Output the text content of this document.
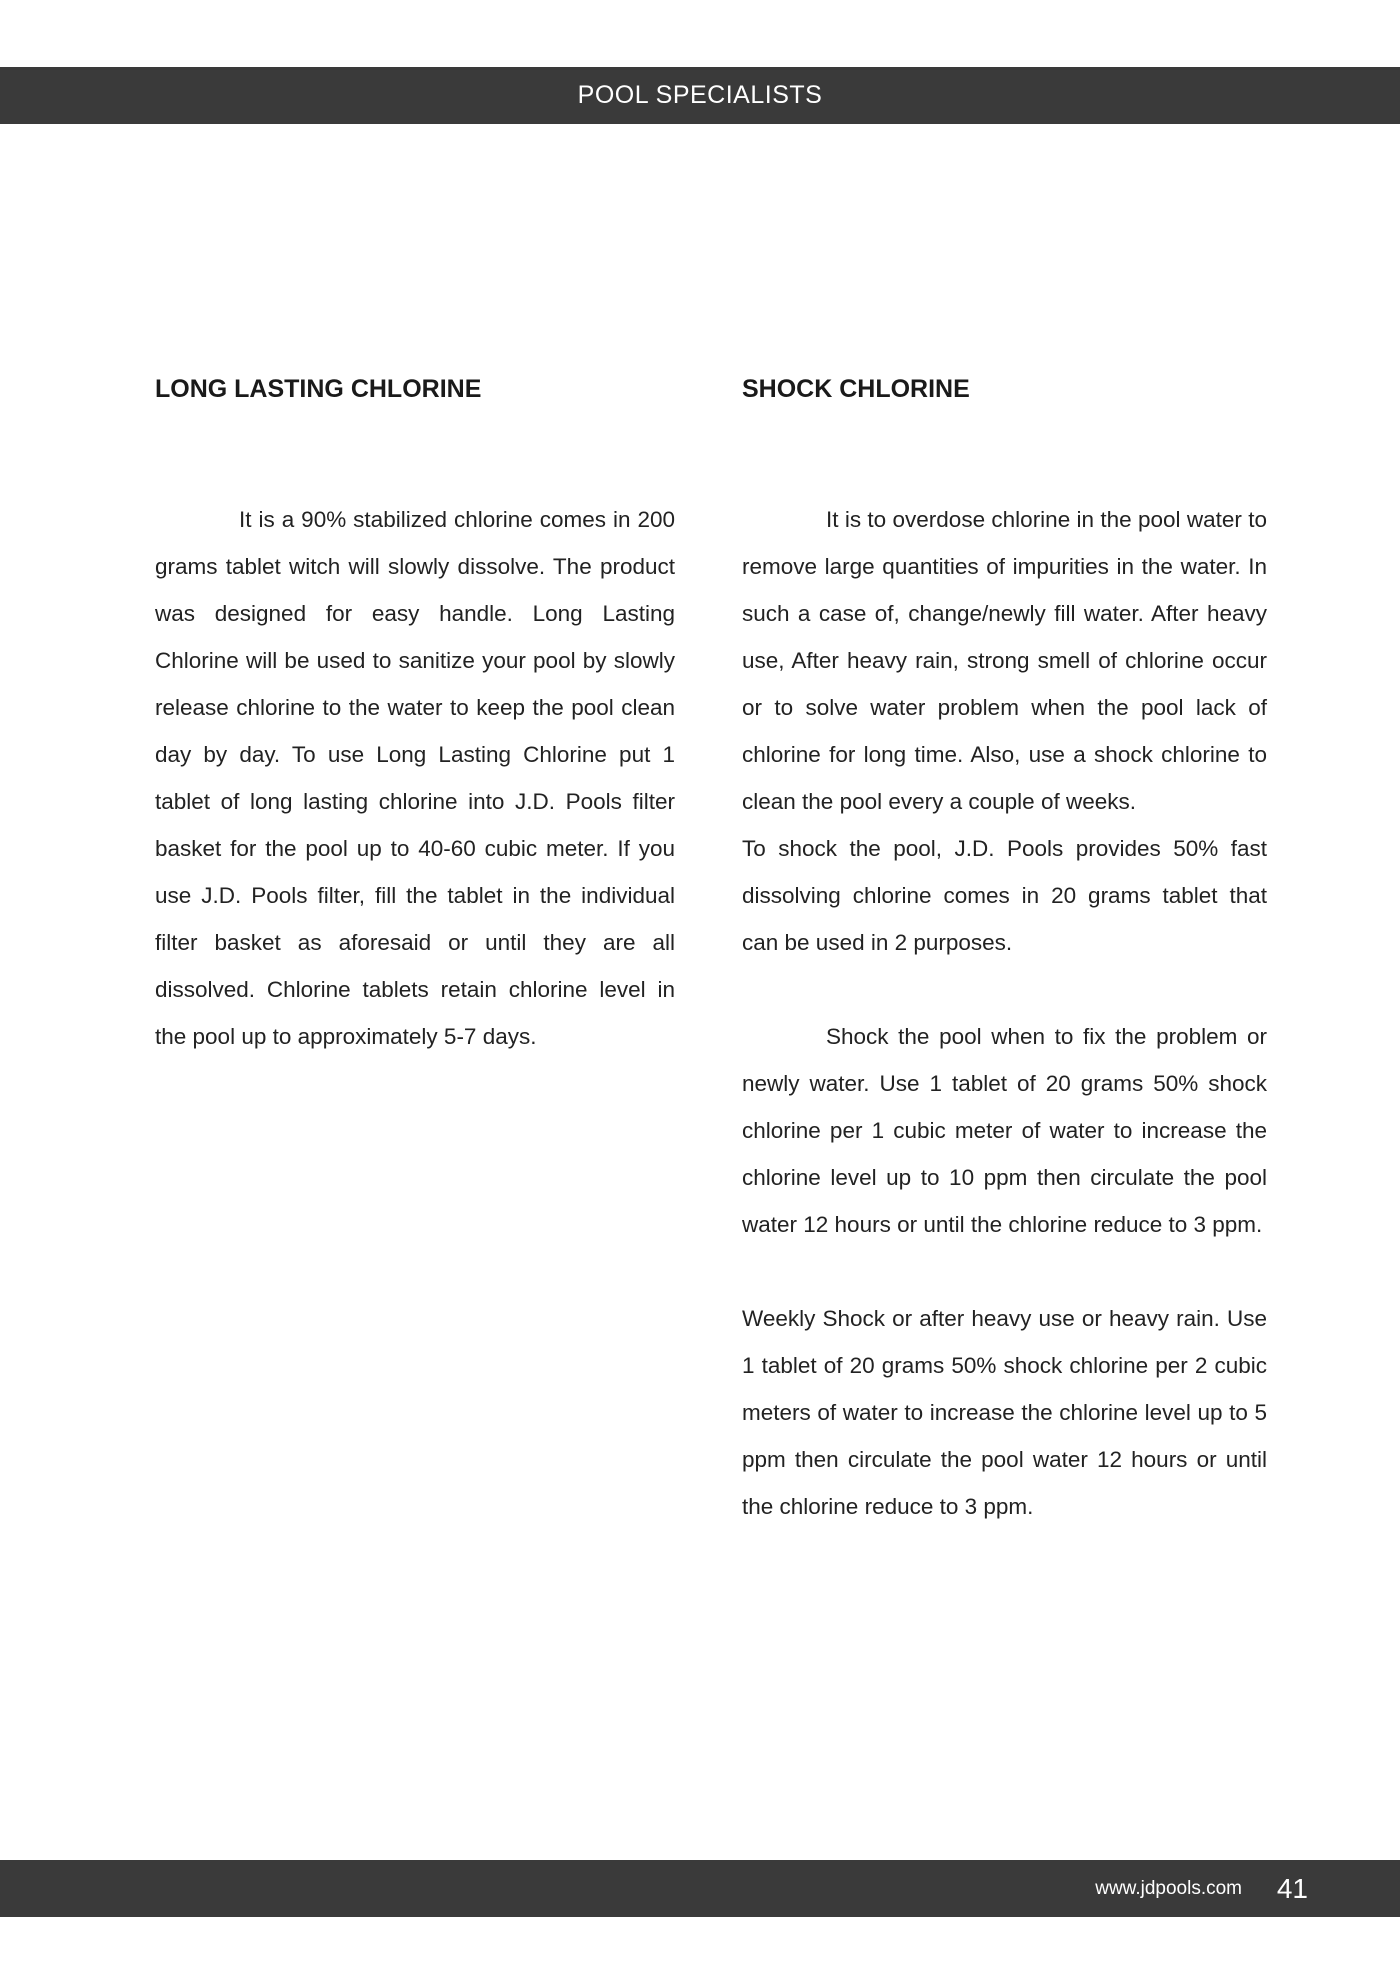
POOL SPECIALISTS
LONG LASTING CHLORINE

It is a 90% stabilized chlorine comes in 200 grams tablet witch will slowly dissolve. The product was designed for easy handle. Long Lasting Chlorine will be used to sanitize your pool by slowly release chlorine to the water to keep the pool clean day by day. To use Long Lasting Chlorine put 1 tablet of long lasting chlorine into J.D. Pools filter basket for the pool up to 40-60 cubic meter. If you use J.D. Pools filter, fill the tablet in the individual filter basket as aforesaid or until they are all dissolved. Chlorine tablets retain chlorine level in the pool up to approximately 5-7 days.

SHOCK CHLORINE

It is to overdose chlorine in the pool water to remove large quantities of impurities in the water. In such a case of, change/newly fill water. After heavy use, After heavy rain, strong smell of chlorine occur or to solve water problem when the pool lack of chlorine for long time. Also, use a shock chlorine to clean the pool every a couple of weeks.

To shock the pool, J.D. Pools provides 50% fast dissolving chlorine comes in 20 grams tablet that can be used in 2 purposes.

Shock the pool when to fix the problem or newly water. Use 1 tablet of 20 grams 50% shock chlorine per 1 cubic meter of water to increase the chlorine level up to 10 ppm then circulate the pool water 12 hours or until the chlorine reduce to 3 ppm.

Weekly Shock or after heavy use or heavy rain. Use 1 tablet of 20 grams 50% shock chlorine per 2 cubic meters of water to increase the chlorine level up to 5 ppm then circulate the pool water 12 hours or until the chlorine reduce to 3 ppm.

www.jdpools.com 41
